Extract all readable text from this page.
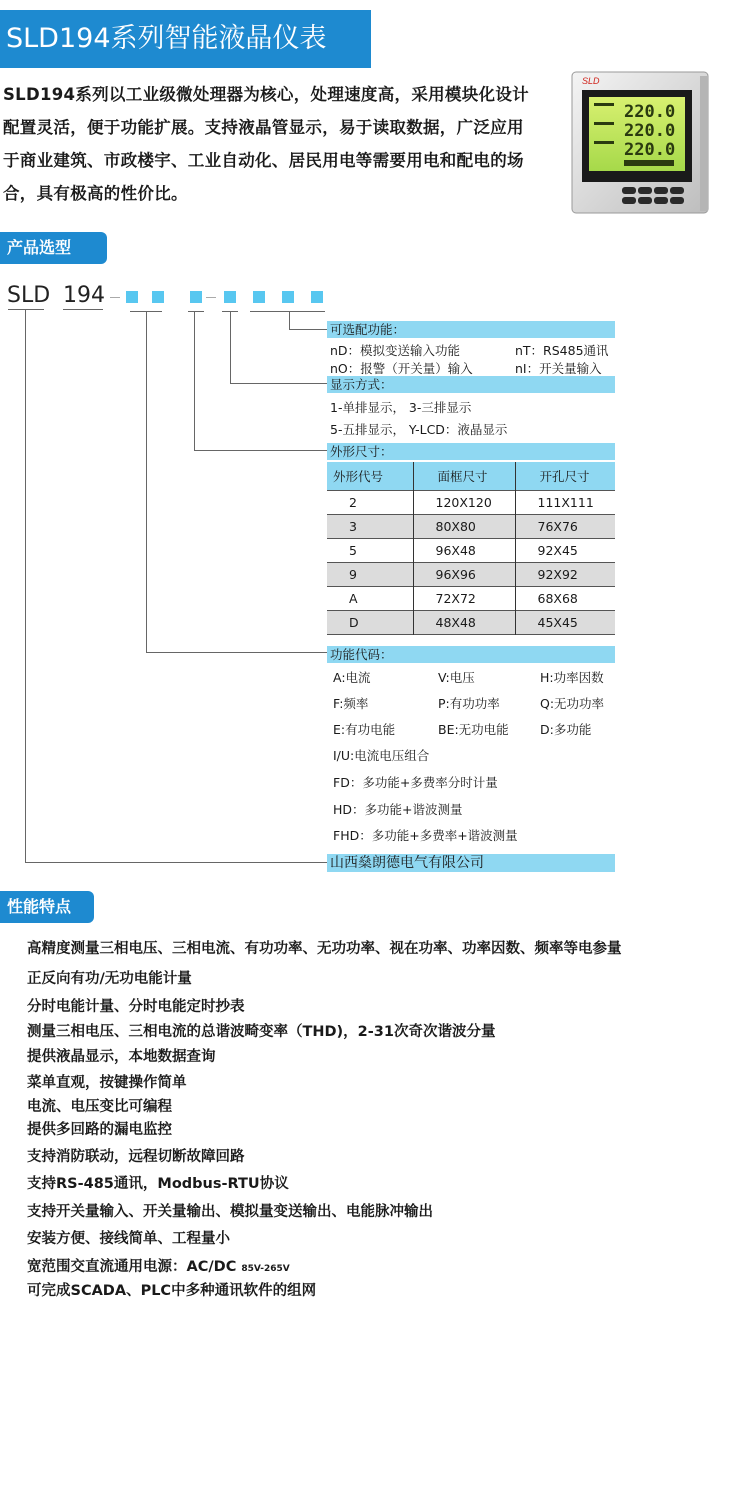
SLD194系列智能液晶仪表
SLD194系列以工业级微处理器为核心，处理速度高，采用模块化设计
配置灵活，便于功能扩展。支持液晶管显示，易于读取数据，广泛应用
于商业建筑、市政楼宇、工业自动化、居民用电等需要用电和配电的场
合，具有极高的性价比。
SLD
220.0
220.0
220.0
产品选型
SLD 194
可选配功能：
nD：模拟变送输入功能	nT：RS485通讯
nO：报警（开关量）输入	nI：开关量输入
显示方式：
1-单排显示， 3-三排显示
5-五排显示， Y-LCD：液晶显示
外形尺寸：
外形代号	面框尺寸	开孔尺寸
2	120X120	111X111
3	80X80	76X76
5	96X48	92X45
9	96X96	92X92
A	72X72	68X68
D	48X48	45X45
功能代码：
A:电流	V:电压	H:功率因数
F:频率	P:有功功率	Q:无功功率
E:有功电能	BE:无功电能	D:多功能
I/U:电流电压组合
FD：多功能+多费率分时计量
HD：多功能+谐波测量
FHD：多功能+多费率+谐波测量
山西燊朗德电气有限公司
性能特点
高精度测量三相电压、三相电流、有功功率、无功功率、视在功率、功率因数、频率等电参量
正反向有功/无功电能计量
分时电能计量、分时电能定时抄表
测量三相电压、三相电流的总谐波畸变率（THD)，2-31次奇次谐波分量
提供液晶显示，本地数据查询
菜单直观，按键操作简单
电流、电压变比可编程
提供多回路的漏电监控
支持消防联动，远程切断故障回路
支持RS-485通讯，Modbus-RTU协议
支持开关量输入、开关量输出、模拟量变送输出、电能脉冲输出
安装方便、接线简单、工程量小
宽范围交直流通用电源：AC/DC 85V-265V
可完成SCADA、PLC中多种通讯软件的组网
